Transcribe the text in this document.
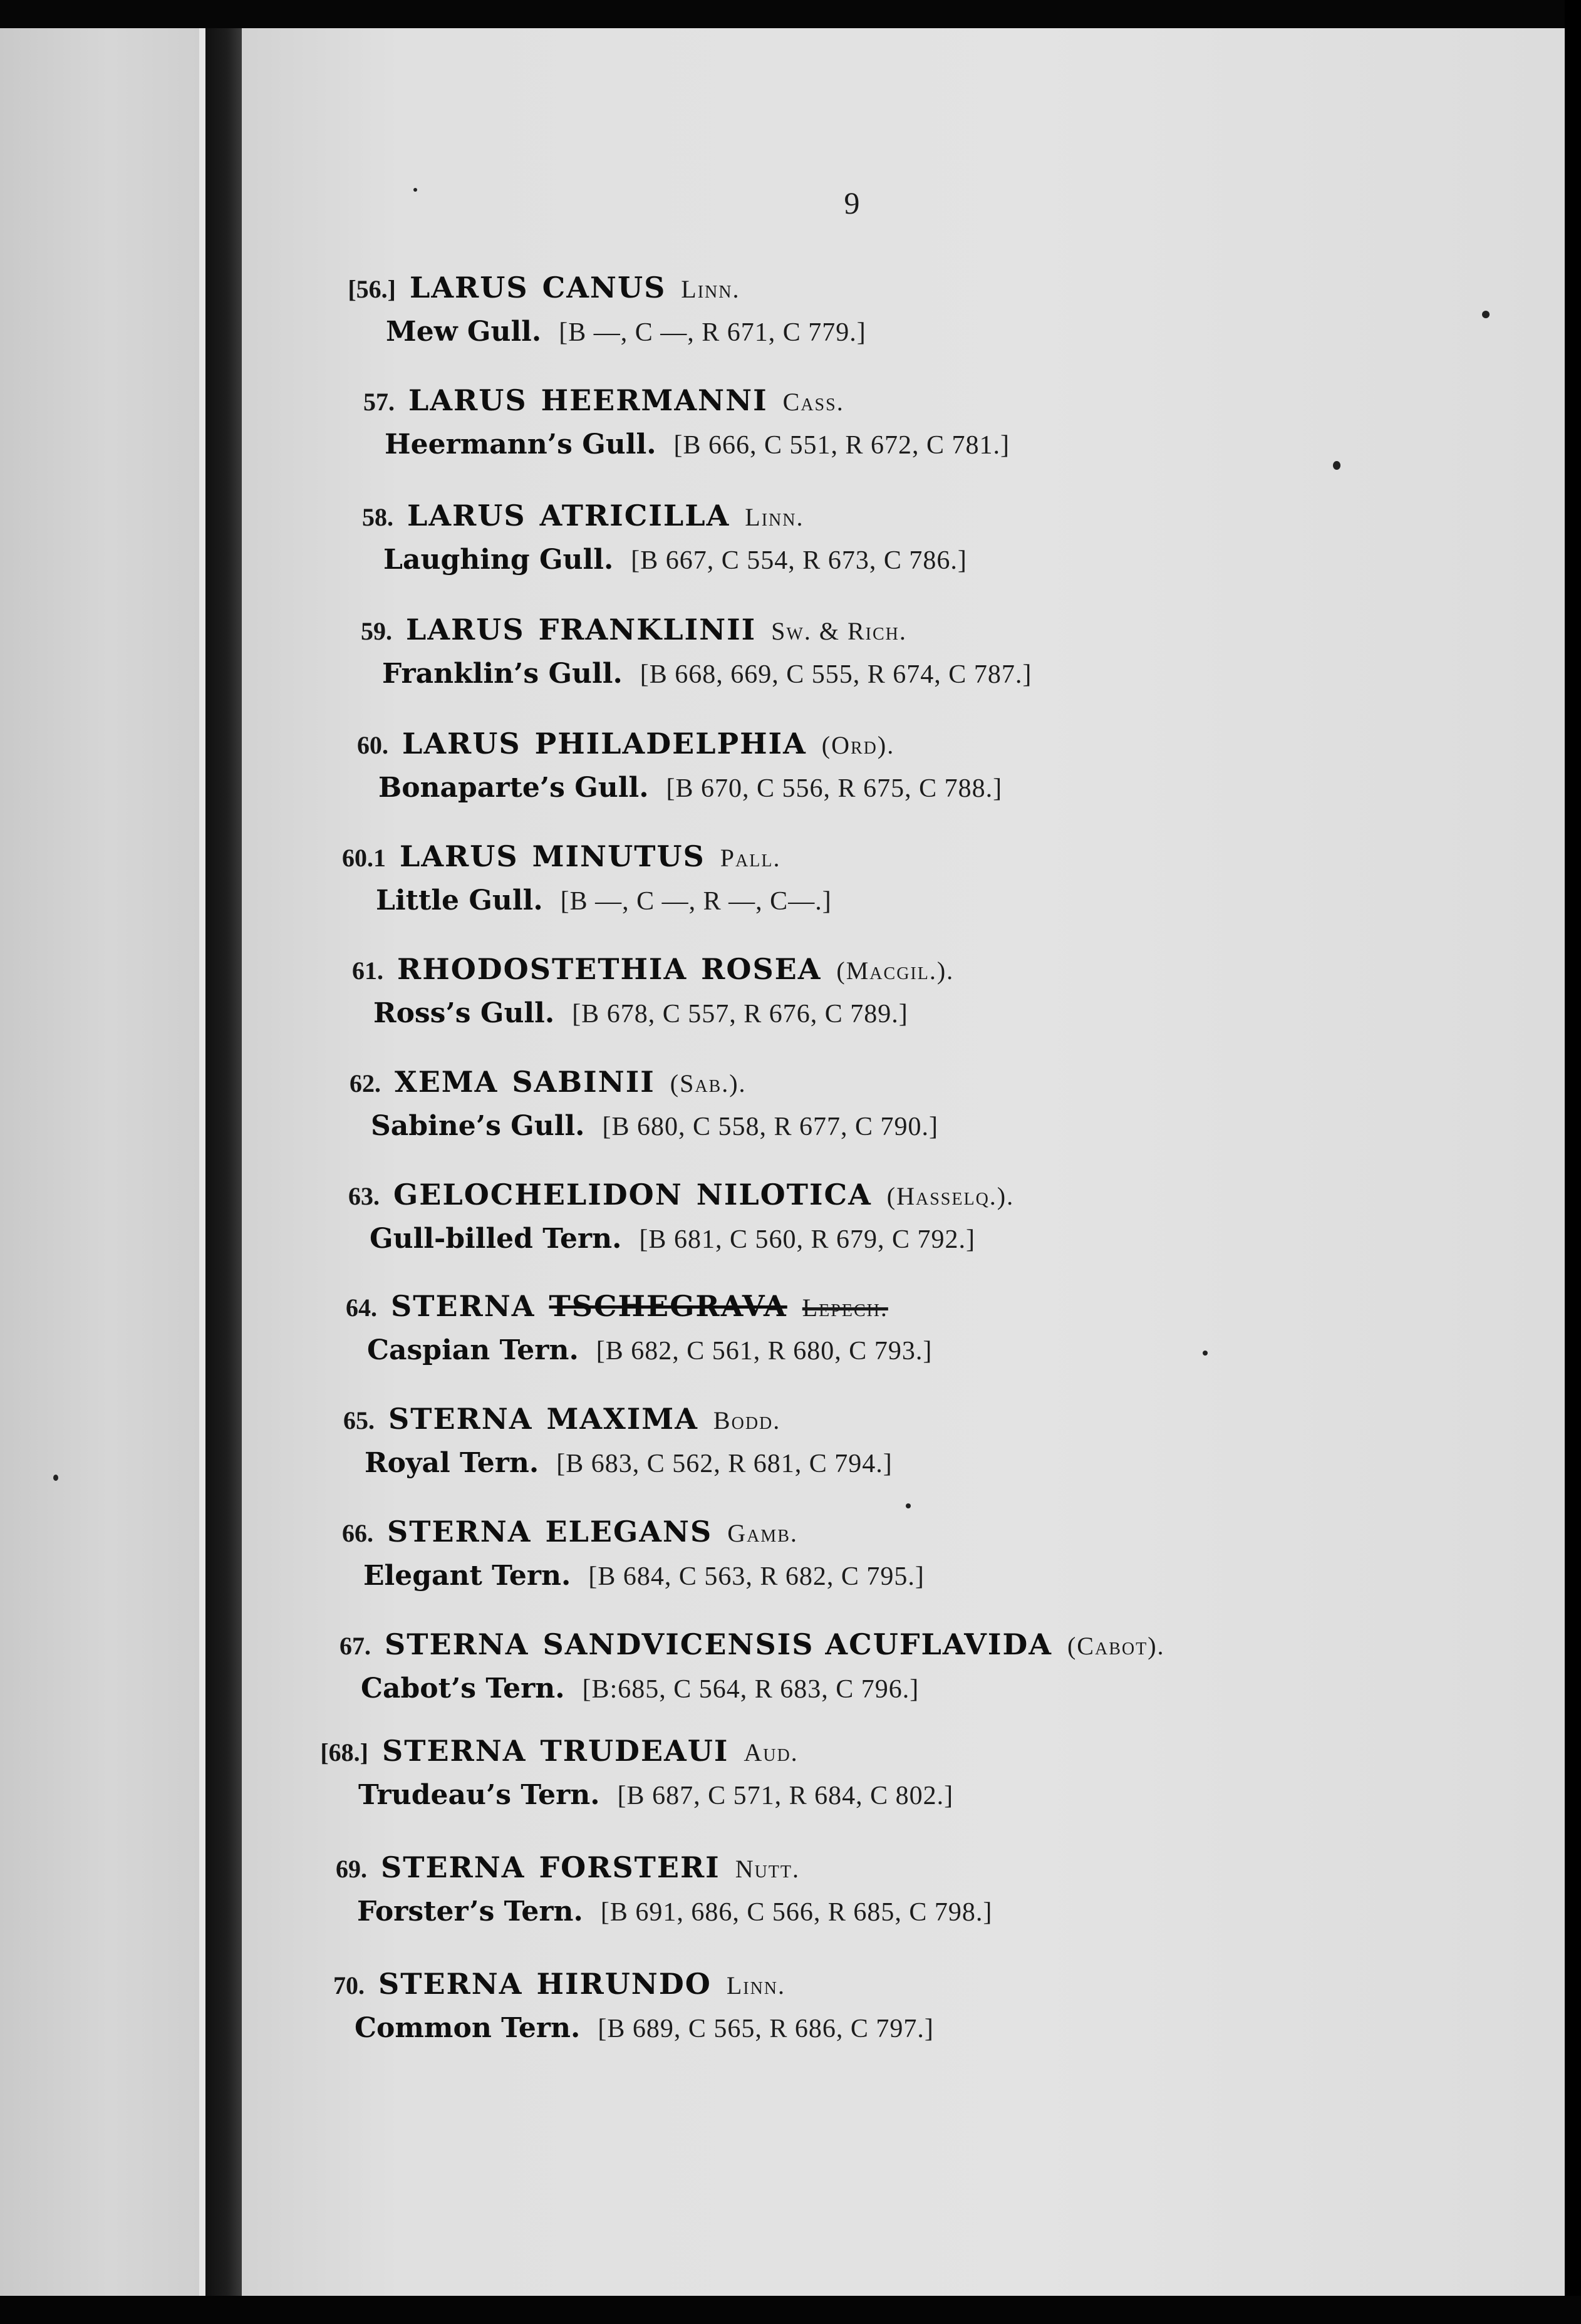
9
[56.] LARUS CANUS Linn.
Mew Gull. [B —, C —, R 671, C 779.]
57. LARUS HEERMANNI Cass.
Heermann’s Gull. [B 666, C 551, R 672, C 781.]
58. LARUS ATRICILLA Linn.
Laughing Gull. [B 667, C 554, R 673, C 786.]
59. LARUS FRANKLINII Sw. & Rich.
Franklin’s Gull. [B 668, 669, C 555, R 674, C 787.]
60. LARUS PHILADELPHIA (Ord).
Bonaparte’s Gull. [B 670, C 556, R 675, C 788.]
60.1 LARUS MINUTUS Pall.
Little Gull. [B —, C —, R —, C—.]
61. RHODOSTETHIA ROSEA (Macgil.).
Ross’s Gull. [B 678, C 557, R 676, C 789.]
62. XEMA SABINII (Sab.).
Sabine’s Gull. [B 680, C 558, R 677, C 790.]
63. GELOCHELIDON NILOTICA (Hasselq.).
Gull-billed Tern. [B 681, C 560, R 679, C 792.]
64. STERNA TSCHEGRAVA Lepech.
Caspian Tern. [B 682, C 561, R 680, C 793.]
65. STERNA MAXIMA Bodd.
Royal Tern. [B 683, C 562, R 681, C 794.]
66. STERNA ELEGANS Gamb.
Elegant Tern. [B 684, C 563, R 682, C 795.]
67. STERNA SANDVICENSIS ACUFLAVIDA (Cabot).
Cabot’s Tern. [B:685, C 564, R 683, C 796.]
[68.] STERNA TRUDEAUI Aud.
Trudeau’s Tern. [B 687, C 571, R 684, C 802.]
69. STERNA FORSTERI Nutt.
Forster’s Tern. [B 691, 686, C 566, R 685, C 798.]
70. STERNA HIRUNDO Linn.
Common Tern. [B 689, C 565, R 686, C 797.]
